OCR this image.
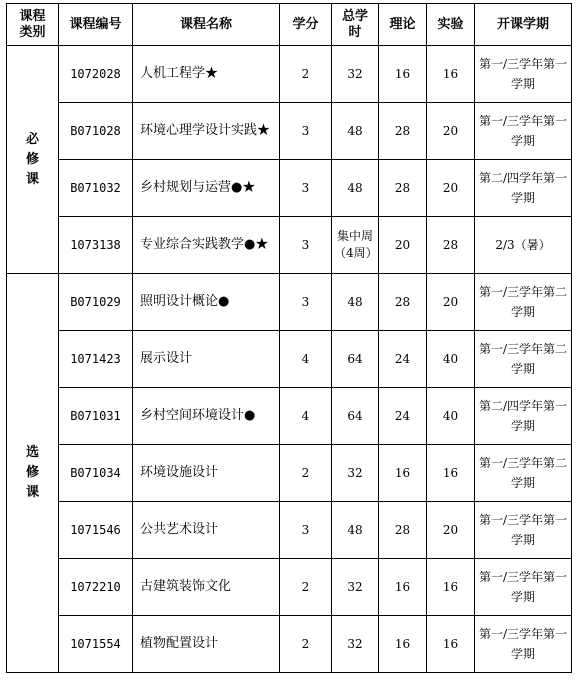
课程类别	课程编号	课程名称	学分	总学时	理论	实验	开课学期
必修课	1072028	人机工程学★	2	32	16	16	第一/三学年第一学期
	B071028	环境心理学设计实践★	3	48	28	20	第一/三学年第一学期
	B071032	乡村规划与运营●★	3	48	28	20	第二/四学年第一学期
	1073138	专业综合实践教学●★	3	集中周（4周）	20	28	2/3（暑）
选修课	B071029	照明设计概论●	3	48	28	20	第一/三学年第二学期
	1071423	展示设计	4	64	24	40	第一/三学年第二学期
	B071031	乡村空间环境设计●	4	64	24	40	第二/四学年第一学期
	B071034	环境设施设计	2	32	16	16	第一/三学年第二学期
	1071546	公共艺术设计	3	48	28	20	第一/三学年第一学期
	1072210	古建筑装饰文化	2	32	16	16	第一/三学年第一学期
	1071554	植物配置设计	2	32	16	16	第一/三学年第一学期
